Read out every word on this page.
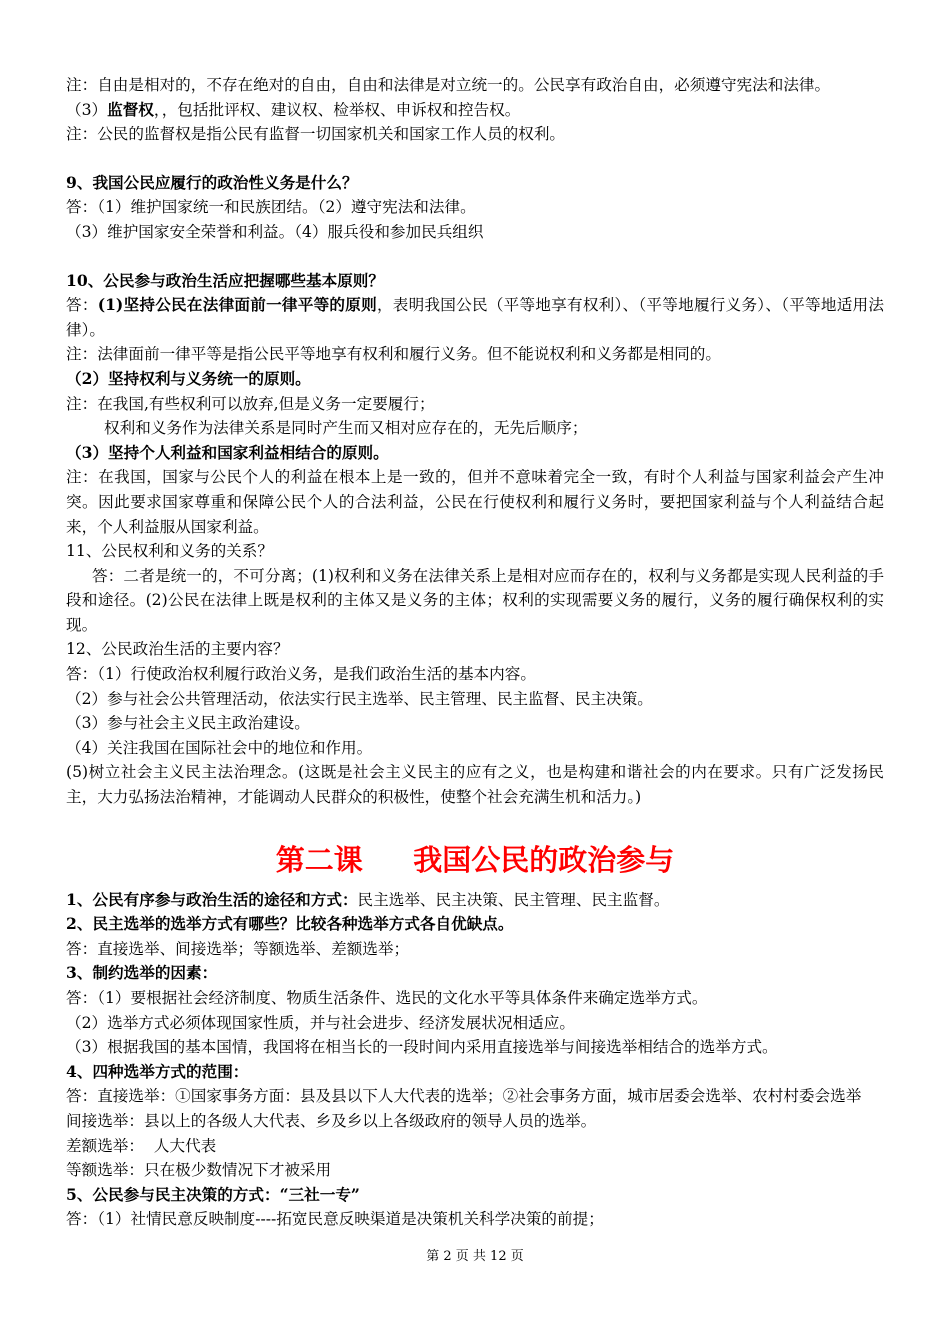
注：自由是相对的，不存在绝对的自由，自由和法律是对立统一的。公民享有政治自由，必须遵守宪法和法律。
（3）监督权，，包括批评权、建议权、检举权、申诉权和控告权。
注：公民的监督权是指公民有监督一切国家机关和国家工作人员的权利。
9、我国公民应履行的政治性义务是什么？
答：（1）维护国家统一和民族团结。（2）遵守宪法和法律。
（3）维护国家安全荣誉和利益。（4）服兵役和参加民兵组织
10、公民参与政治生活应把握哪些基本原则？
答：(1)坚持公民在法律面前一律平等的原则，表明我国公民（平等地享有权利）、（平等地履行义务）、（平等地适用法律）。
注：法律面前一律平等是指公民平等地享有权利和履行义务。但不能说权利和义务都是相同的。
（2）坚持权利与义务统一的原则。
注：在我国,有些权利可以放弃,但是义务一定要履行；
权利和义务作为法律关系是同时产生而又相对应存在的，无先后顺序；
（3）坚持个人利益和国家利益相结合的原则。
注：在我国，国家与公民个人的利益在根本上是一致的，但并不意味着完全一致，有时个人利益与国家利益会产生冲突。因此要求国家尊重和保障公民个人的合法利益，公民在行使权利和履行义务时，要把国家利益与个人利益结合起来，个人利益服从国家利益。
11、公民权利和义务的关系？
答：二者是统一的，不可分离；(1)权利和义务在法律关系上是相对应而存在的，权利与义务都是实现人民利益的手段和途径。(2)公民在法律上既是权利的主体又是义务的主体；权利的实现需要义务的履行，义务的履行确保权利的实现。
12、公民政治生活的主要内容？
答：（1）行使政治权利履行政治义务，是我们政治生活的基本内容。
（2）参与社会公共管理活动，依法实行民主选举、民主管理、民主监督、民主决策。
（3）参与社会主义民主政治建设。
（4）关注我国在国际社会中的地位和作用。
(5)树立社会主义民主法治理念。(这既是社会主义民主的应有之义，也是构建和谐社会的内在要求。只有广泛发扬民主，大力弘扬法治精神，才能调动人民群众的积极性，使整个社会充满生机和活力。)
第二课     我国公民的政治参与
1、公民有序参与政治生活的途径和方式：民主选举、民主决策、民主管理、民主监督。
2、民主选举的选举方式有哪些？比较各种选举方式各自优缺点。
答：直接选举、间接选举；等额选举、差额选举；
3、制约选举的因素：
答：（1）要根据社会经济制度、物质生活条件、选民的文化水平等具体条件来确定选举方式。
（2）选举方式必须体现国家性质，并与社会进步、经济发展状况相适应。
（3）根据我国的基本国情，我国将在相当长的一段时间内采用直接选举与间接选举相结合的选举方式。
4、四种选举方式的范围：
答：直接选举：①国家事务方面：县及县以下人大代表的选举；②社会事务方面，城市居委会选举、农村村委会选举
间接选举：县以上的各级人大代表、乡及乡以上各级政府的领导人员的选举。
差额选举：  人大代表
等额选举：只在极少数情况下才被采用
5、公民参与民主决策的方式：“三社一专”
答：（1）社情民意反映制度----拓宽民意反映渠道是决策机关科学决策的前提；
第 2 页 共 12 页
